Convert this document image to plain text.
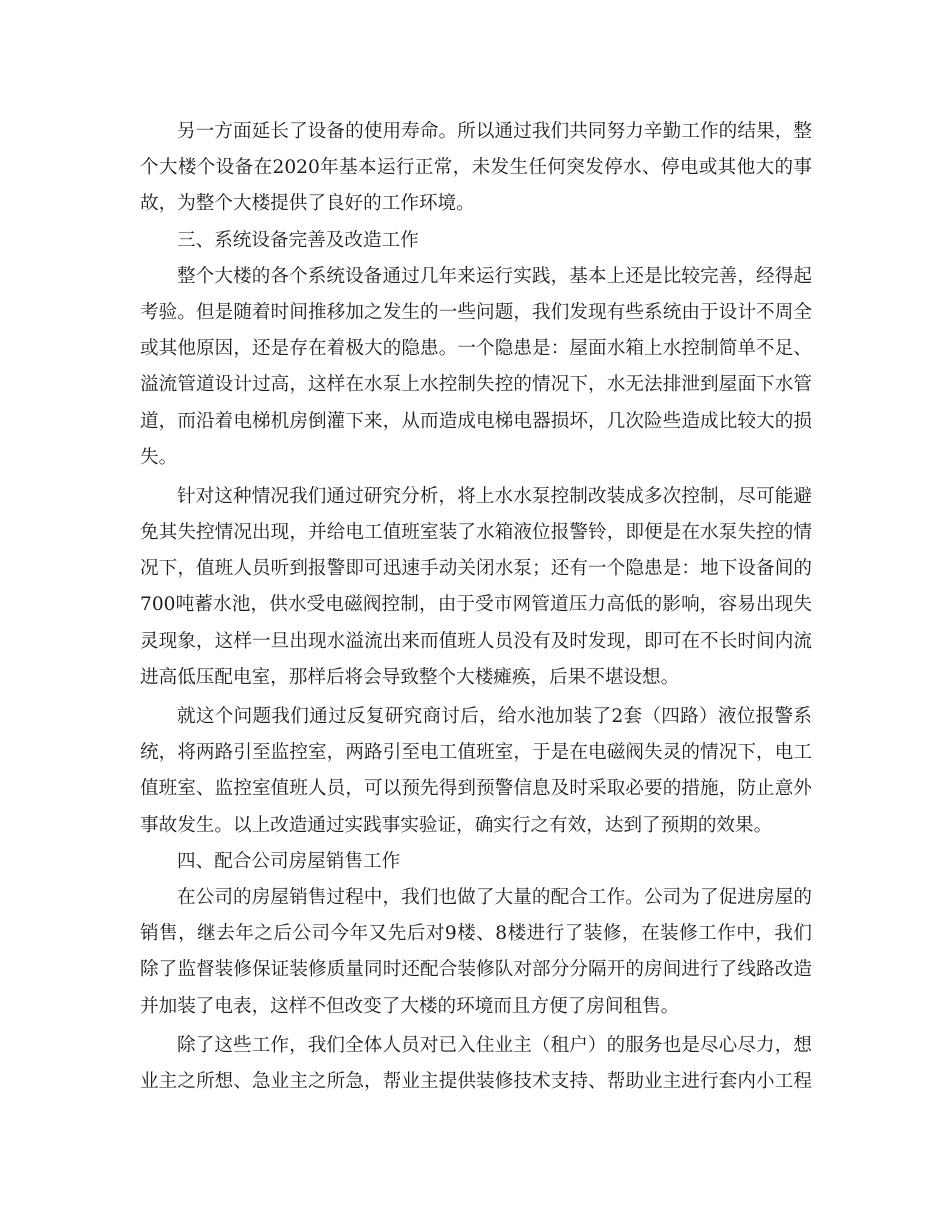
另一方面延长了设备的使用寿命。所以通过我们共同努力辛勤工作的结果，整
个大楼个设备在2020年基本运行正常，未发生任何突发停水、停电或其他大的事
故，为整个大楼提供了良好的工作环境。
三、系统设备完善及改造工作
整个大楼的各个系统设备通过几年来运行实践，基本上还是比较完善，经得起
考验。但是随着时间推移加之发生的一些问题，我们发现有些系统由于设计不周全
或其他原因，还是存在着极大的隐患。一个隐患是：屋面水箱上水控制简单不足、
溢流管道设计过高，这样在水泵上水控制失控的情况下，水无法排泄到屋面下水管
道，而沿着电梯机房倒灌下来，从而造成电梯电器损坏，几次险些造成比较大的损
失。
针对这种情况我们通过研究分析，将上水水泵控制改装成多次控制，尽可能避
免其失控情况出现，并给电工值班室装了水箱液位报警铃，即便是在水泵失控的情
况下，值班人员听到报警即可迅速手动关闭水泵；还有一个隐患是：地下设备间的
700吨蓄水池，供水受电磁阀控制，由于受市网管道压力高低的影响，容易出现失
灵现象，这样一旦出现水溢流出来而值班人员没有及时发现，即可在不长时间内流
进高低压配电室，那样后将会导致整个大楼瘫痪，后果不堪设想。
就这个问题我们通过反复研究商讨后，给水池加装了2套（四路）液位报警系
统，将两路引至监控室，两路引至电工值班室，于是在电磁阀失灵的情况下，电工
值班室、监控室值班人员，可以预先得到预警信息及时采取必要的措施，防止意外
事故发生。以上改造通过实践事实验证，确实行之有效，达到了预期的效果。
四、配合公司房屋销售工作
在公司的房屋销售过程中，我们也做了大量的配合工作。公司为了促进房屋的
销售，继去年之后公司今年又先后对9楼、8楼进行了装修，在装修工作中，我们
除了监督装修保证装修质量同时还配合装修队对部分分隔开的房间进行了线路改造
并加装了电表，这样不但改变了大楼的环境而且方便了房间租售。
除了这些工作，我们全体人员对已入住业主（租户）的服务也是尽心尽力，想
业主之所想、急业主之所急，帮业主提供装修技术支持、帮助业主进行套内小工程
